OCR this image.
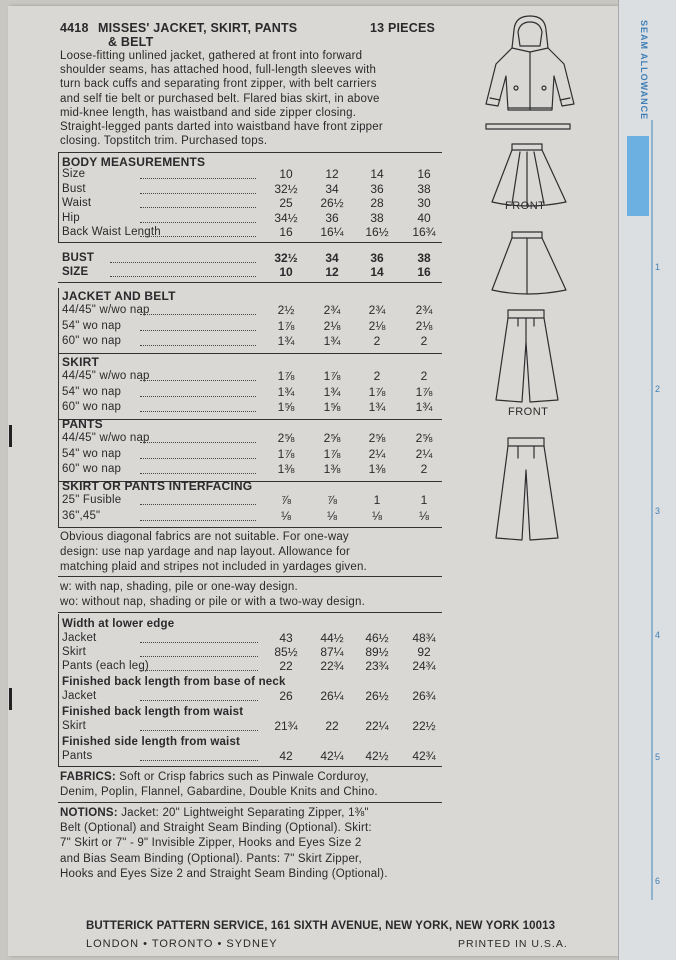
SEAM ALLOWANCE
1
2
3
4
5
6
4418 MISSES' JACKET, SKIRT, PANTS
& BELT
13 PIECES
Loose-fitting unlined jacket, gathered at front into forward
shoulder seams, has attached hood, full-length sleeves with
turn back cuffs and separating front zipper, with belt carriers
and self tie belt or purchased belt. Flared bias skirt, in above
mid-knee length, has waistband and side zipper closing.
Straight-legged pants darted into waistband have front zipper
closing. Topstitch trim. Purchased tops.
BODY MEASUREMENTS
Size	10	12	14	16
Bust	32½	34	36	38
Waist	25	26½	28	30
Hip	34½	36	38	40
Back Waist Length	16	16¼	16½	16¾
BUST	32½	34	36	38
SIZE	10	12	14	16
JACKET AND BELT
44/45" w/wo nap	2½	2¾	2¾	2¾
54" wo nap	1⅞	2⅛	2⅛	2⅛
60" wo nap	1¾	1¾	2	2
SKIRT
44/45" w/wo nap	1⅞	1⅞	2	2
54" wo nap	1¾	1¾	1⅞	1⅞
60" wo nap	1⅝	1⅝	1¾	1¾
PANTS
44/45" w/wo nap	2⅝	2⅝	2⅝	2⅝
54" wo nap	1⅞	1⅞	2¼	2¼
60" wo nap	1⅜	1⅜	1⅜	2
SKIRT OR PANTS INTERFACING
25" Fusible	⅞	⅞	1	1
36",45"	⅛	⅛	⅛	⅛
Obvious diagonal fabrics are not suitable. For one-way
design: use nap yardage and nap layout. Allowance for
matching plaid and stripes not included in yardages given.
w: with nap, shading, pile or one-way design.
wo: without nap, shading or pile or with a two-way design.
Width at lower edge
Jacket	43	44½	46½	48¾
Skirt	85½	87¼	89½	92
Pants (each leg)	22	22¾	23¾	24¾
Finished back length from base of neck
Jacket	26	26¼	26½	26¾
Finished back length from waist
Skirt	21¾	22	22¼	22½
Finished side length from waist
Pants	42	42¼	42½	42¾
FABRICS: Soft or Crisp fabrics such as Pinwale Corduroy,
Denim, Poplin, Flannel, Gabardine, Double Knits and Chino.
NOTIONS: Jacket: 20" Lightweight Separating Zipper, 1⅜"
Belt (Optional) and Straight Seam Binding (Optional). Skirt:
7" Skirt or 7" - 9" Invisible Zipper, Hooks and Eyes Size 2
and Bias Seam Binding (Optional). Pants: 7" Skirt Zipper,
Hooks and Eyes Size 2 and Straight Seam Binding (Optional).
BUTTERICK PATTERN SERVICE, 161 SIXTH AVENUE, NEW YORK, NEW YORK 10013
LONDON • TORONTO • SYDNEY	PRINTED IN U.S.A.
FRONT
FRONT
